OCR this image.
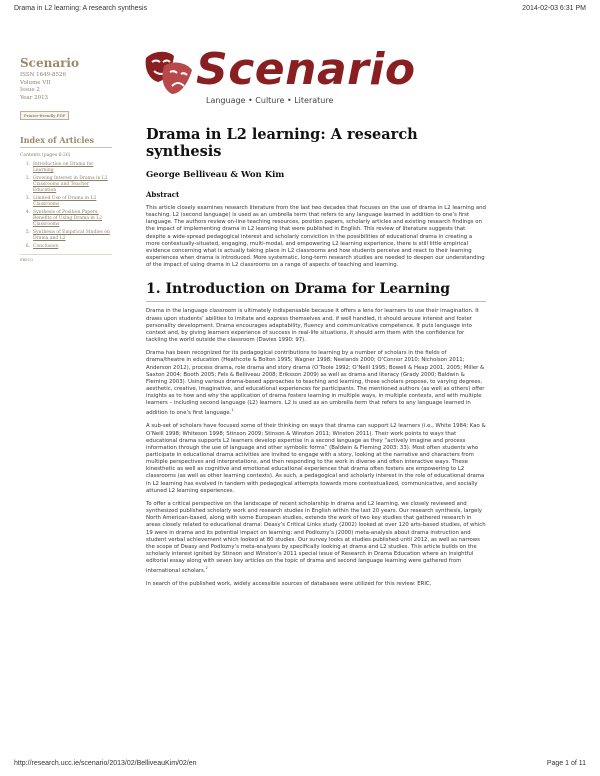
Drama in L2 learning: A research synthesis	2014-02-03 6:31 PM
Scenario
ISSN 1649-8526
Volume VII
Issue 2
Year 2013
Printer-friendly PDF
Index of Articles
Contents (pages 6-26)
1. Introduction on Drama for Learning
2. Growing Interest in Drama in L2 Classrooms and Teacher Education
3. Limited Use of Drama in L2 Classrooms
4. Synthesis of Position Papers: Benefits of Using Drama in L2 Classrooms
5. Synthesis of Empirical Studies on Drama and L2
6. Conclusion
EBSCO
Scenario
Language • Culture • Literature
Drama in L2 learning: A research synthesis
George Belliveau & Won Kim
Abstract

This article closely examines research literature from the last two decades that focuses on the use of drama in L2 learning and teaching. L2 (second language) is used as an umbrella term that refers to any language learned in addition to one’s first language. The authors review on-line teaching resources, position papers, scholarly articles and existing research findings on the impact of implementing drama in L2 learning that were published in English. This review of literature suggests that despite a wide-spread pedagogical interest and scholarly conviction in the possibilities of educational drama in creating a more contextually-situated, engaging, multi-modal, and empowering L2 learning experience, there is still little empirical evidence concerning what is actually taking place in L2 classrooms and how students perceive and react to their learning experiences when drama is introduced. More systematic, long-term research studies are needed to deepen our understanding of the impact of using drama in L2 classrooms on a range of aspects of teaching and learning.

1. Introduction on Drama for Learning

Drama in the language classroom is ultimately indispensable because it offers a lens for learners to use their imagination. It draws upon students’ abilities to imitate and express themselves and, if well handled, it should arouse interest and foster personality development. Drama encourages adaptability, fluency and communicative competence. It puts language into context and, by giving learners experience of success in real-life situations, it should arm them with the confidence for tackling the world outside the classroom (Davies 1990: 97).

Drama has been recognized for its pedagogical contributions to learning by a number of scholars in the fields of drama/theatre in education (Heathcote & Bolton 1995; Wagner 1998; Neelands 2000; O’Connor 2010; Nicholson 2011; Anderson 2012), process drama, role drama and story drama (O’Toole 1992; O’Neill 1995; Bowell & Heap 2001, 2005; Miller & Saxton 2004; Booth 2005; Fels & Belliveau 2008; Eriksson 2009) as well as drama and literacy (Grady 2000; Baldwin & Fleming 2003). Using various drama-based approaches to teaching and learning, these scholars propose, to varying degrees, aesthetic, creative, imaginative, and educational experiences for participants. The mentioned authors (as well as others) offer insights as to how and why the application of drama fosters learning in multiple ways, in multiple contexts, and with multiple learners – including second language (L2) learners. L2 is used as an umbrella term that refers to any language learned in addition to one’s first language.$^1$

A sub-set of scholars have focused some of their thinking on ways that drama can support L2 learners (i.e., White 1984; Kao & O’Neill 1998; Whiteson 1998; Stinson 2009; Stinson & Winston 2011; Winston 2011). Their work points to ways that educational drama supports L2 learners develop expertise in a second language as they “actively imagine and process information through the use of language and other symbolic forms” (Baldwin & Fleming 2003: 33). Most often students who participate in educational drama activities are invited to engage with a story, looking at the narrative and characters from multiple perspectives and interpretations, and then responding to the work in diverse and often interactive ways. These kinesthetic as well as cognitive and emotional educational experiences that drama often fosters are empowering to L2 classrooms (as well as other learning contexts). As such, a pedagogical and scholarly interest in the role of educational drama in L2 learning has evolved in tandem with pedagogical attempts towards more contextualized, communicative, and socially attuned L2 learning experiences.

To offer a critical perspective on the landscape of recent scholarship in drama and L2 learning, we closely reviewed and synthesized published scholarly work and research studies in English within the last 20 years. Our research synthesis, largely North American-based, along with some European studies, extends the work of two key studies that gathered research in areas closely related to educational drama: Deasy’s Critical Links study (2002) looked at over 120 arts-based studies, of which 19 were in drama and its potential impact on learning; and Podlozny’s (2000) meta-analysis about drama instruction and student verbal achievement which looked at 80 studies. Our survey looks at studies published until 2012, as well as narrows the scope of Deasy and Podlozny’s meta-analyses by specifically looking at drama and L2 studies. This article builds on the scholarly interest ignited by Stinson and Winston’s 2011 special issue of Research in Drama Education where an insightful editorial essay along with seven key articles on the topic of drama and second language learning were gathered from international scholars.$^2$

In search of the published work, widely accessible sources of databases were utilized for this review: ERIC,

http://research.ucc.ie/scenario/2013/02/BelliveauKim/02/en	Page 1 of 11
